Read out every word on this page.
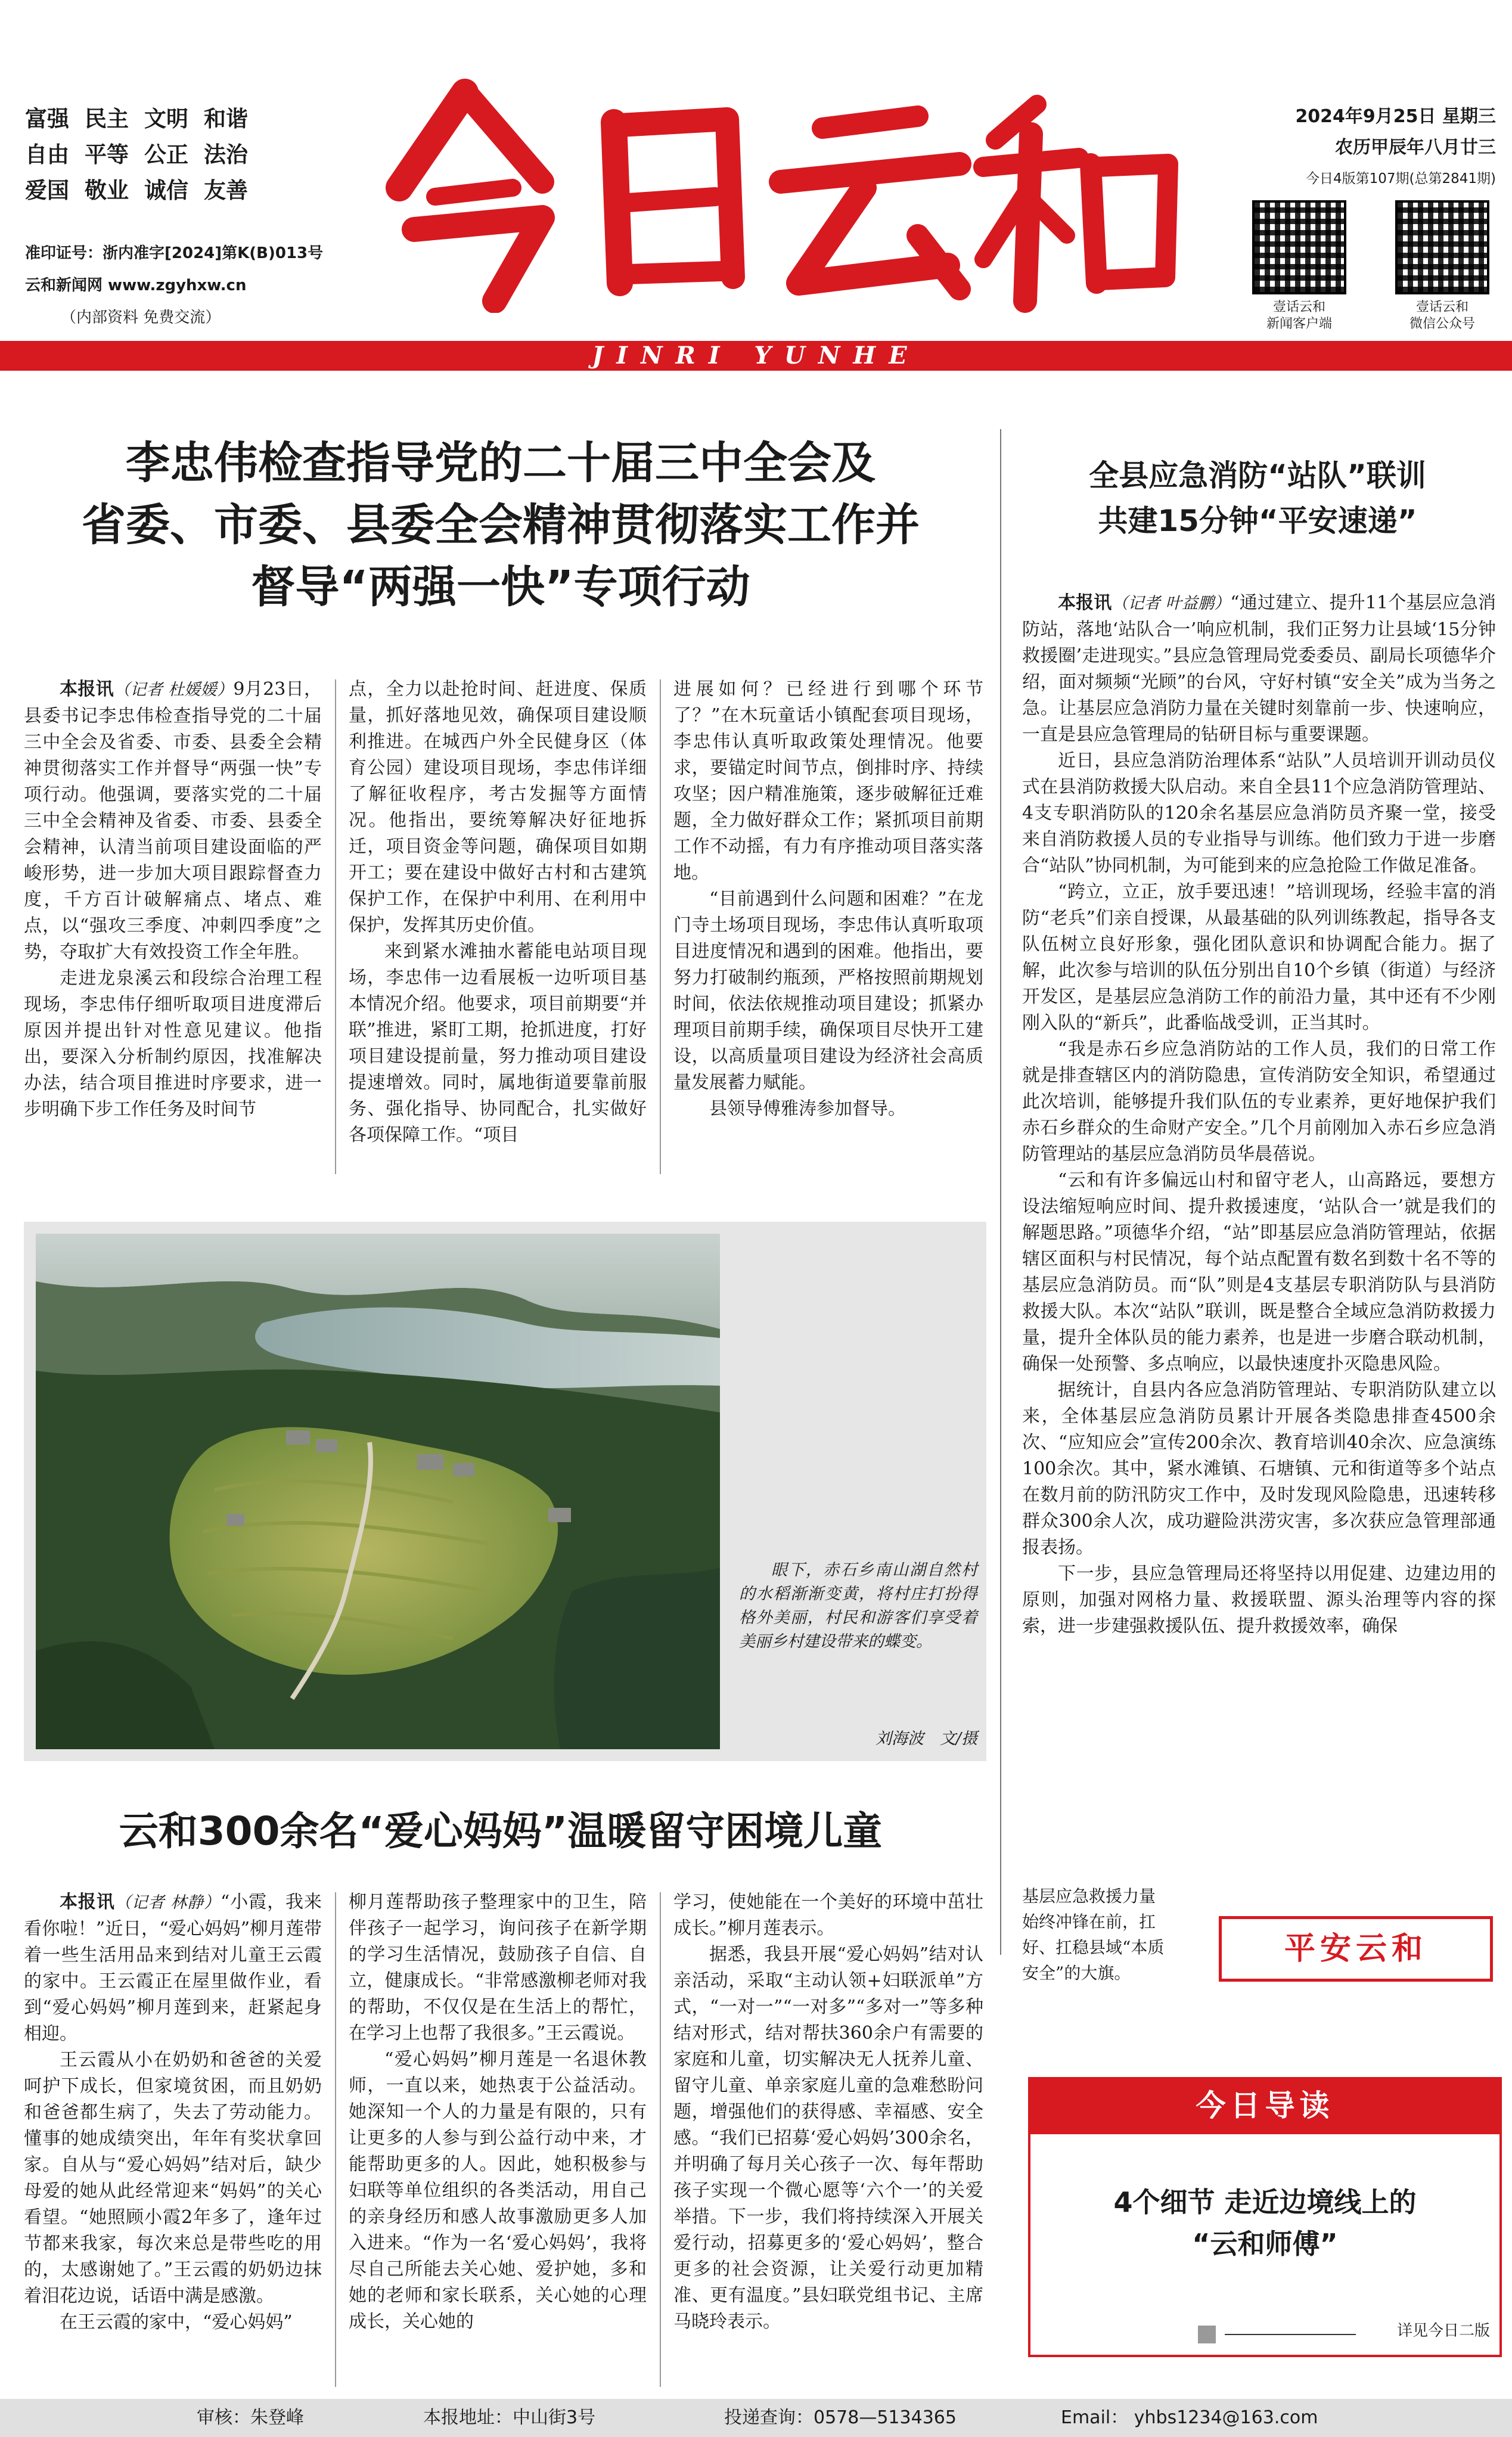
富强 民主 文明 和谐
自由 平等 公正 法治
爱国 敬业 诚信 友善
准印证号：浙内准字[2024]第K(B)013号
云和新闻网 www.zgyhxw.cn
（内部资料 免费交流）
2024年9月25日 星期三
农历甲辰年八月廿三
今日4版第107期(总第2841期)
壹话云和
新闻客户端
壹话云和
微信公众号
JINRI YUNHE
李忠伟检查指导党的二十届三中全会及
省委、市委、县委全会精神贯彻落实工作并
督导“两强一快”专项行动

本报讯（记者 杜媛媛）9月23日，县委书记李忠伟检查指导党的二十届三中全会及省委、市委、县委全会精神贯彻落实工作并督导“两强一快”专项行动。他强调，要落实党的二十届三中全会精神及省委、市委、县委全会精神，认清当前项目建设面临的严峻形势，进一步加大项目跟踪督查力度，千方百计破解痛点、堵点、难点，以“强攻三季度、冲刺四季度”之势，夺取扩大有效投资工作全年胜。

走进龙泉溪云和段综合治理工程现场，李忠伟仔细听取项目进度滞后原因并提出针对性意见建议。他指出，要深入分析制约原因，找准解决办法，结合项目推进时序要求，进一步明确下步工作任务及时间节

点，全力以赴抢时间、赶进度、保质量，抓好落地见效，确保项目建设顺利推进。在城西户外全民健身区（体育公园）建设项目现场，李忠伟详细了解征收程序，考古发掘等方面情况。他指出，要统筹解决好征地拆迁，项目资金等问题，确保项目如期开工；要在建设中做好古村和古建筑保护工作，在保护中利用、在利用中保护，发挥其历史价值。

来到紧水滩抽水蓄能电站项目现场，李忠伟一边看展板一边听项目基本情况介绍。他要求，项目前期要“并联”推进，紧盯工期，抢抓进度，打好项目建设提前量，努力推动项目建设提速增效。同时，属地街道要靠前服务、强化指导、协同配合，扎实做好各项保障工作。“项目

进展如何？已经进行到哪个环节了？”在木玩童话小镇配套项目现场，李忠伟认真听取政策处理情况。他要求，要锚定时间节点，倒排时序、持续攻坚；因户精准施策，逐步破解征迁难题，全力做好群众工作；紧抓项目前期工作不动摇，有力有序推动项目落实落地。

“目前遇到什么问题和困难？”在龙门寺土场项目现场，李忠伟认真听取项目进度情况和遇到的困难。他指出，要努力打破制约瓶颈，严格按照前期规划时间，依法依规推动项目建设；抓紧办理项目前期手续，确保项目尽快开工建设，以高质量项目建设为经济社会高质量发展蓄力赋能。

县领导傅雅涛参加督导。

眼下，赤石乡南山湖自然村的水稻渐渐变黄，将村庄打扮得格外美丽，村民和游客们享受着美丽乡村建设带来的蝶变。

刘海波　文/摄
云和300余名“爱心妈妈”温暖留守困境儿童

本报讯（记者 林静）“小霞，我来看你啦！”近日，“爱心妈妈”柳月莲带着一些生活用品来到结对儿童王云霞的家中。王云霞正在屋里做作业，看到“爱心妈妈”柳月莲到来，赶紧起身相迎。

王云霞从小在奶奶和爸爸的关爱呵护下成长，但家境贫困，而且奶奶和爸爸都生病了，失去了劳动能力。懂事的她成绩突出，年年有奖状拿回家。自从与“爱心妈妈”结对后，缺少母爱的她从此经常迎来“妈妈”的关心看望。“她照顾小霞2年多了，逢年过节都来我家，每次来总是带些吃的用的，太感谢她了。”王云霞的奶奶边抹着泪花边说，话语中满是感激。

在王云霞的家中，“爱心妈妈”

柳月莲帮助孩子整理家中的卫生，陪伴孩子一起学习，询问孩子在新学期的学习生活情况，鼓励孩子自信、自立，健康成长。“非常感激柳老师对我的帮助，不仅仅是在生活上的帮忙，在学习上也帮了我很多。”王云霞说。

“爱心妈妈”柳月莲是一名退休教师，一直以来，她热衷于公益活动。她深知一个人的力量是有限的，只有让更多的人参与到公益行动中来，才能帮助更多的人。因此，她积极参与妇联等单位组织的各类活动，用自己的亲身经历和感人故事激励更多人加入进来。“作为一名‘爱心妈妈’，我将尽自己所能去关心她、爱护她，多和她的老师和家长联系，关心她的心理成长，关心她的

学习，使她能在一个美好的环境中茁壮成长。”柳月莲表示。

据悉，我县开展“爱心妈妈”结对认亲活动，采取“主动认领+妇联派单”方式，“一对一”“一对多”“多对一”等多种结对形式，结对帮扶360余户有需要的家庭和儿童，切实解决无人抚养儿童、留守儿童、单亲家庭儿童的急难愁盼问题，增强他们的获得感、幸福感、安全感。“我们已招募‘爱心妈妈’300余名，并明确了每月关心孩子一次、每年帮助孩子实现一个微心愿等‘六个一’的关爱举措。下一步，我们将持续深入开展关爱行动，招募更多的‘爱心妈妈’，整合更多的社会资源，让关爱行动更加精准、更有温度。”县妇联党组书记、主席马晓玲表示。

全县应急消防“站队”联训
共建15分钟“平安速递”

本报讯（记者 叶益鹏）“通过建立、提升11个基层应急消防站，落地‘站队合一’响应机制，我们正努力让县域‘15分钟救援圈’走进现实。”县应急管理局党委委员、副局长项德华介绍，面对频频“光顾”的台风，守好村镇“安全关”成为当务之急。让基层应急消防力量在关键时刻靠前一步、快速响应，一直是县应急管理局的钻研目标与重要课题。

近日，县应急消防治理体系“站队”人员培训开训动员仪式在县消防救援大队启动。来自全县11个应急消防管理站、4支专职消防队的120余名基层应急消防员齐聚一堂，接受来自消防救援人员的专业指导与训练。他们致力于进一步磨合“站队”协同机制，为可能到来的应急抢险工作做足准备。

“跨立，立正，放手要迅速！”培训现场，经验丰富的消防“老兵”们亲自授课，从最基础的队列训练教起，指导各支队伍树立良好形象，强化团队意识和协调配合能力。据了解，此次参与培训的队伍分别出自10个乡镇（街道）与经济开发区，是基层应急消防工作的前沿力量，其中还有不少刚刚入队的“新兵”，此番临战受训，正当其时。

“我是赤石乡应急消防站的工作人员，我们的日常工作就是排查辖区内的消防隐患，宣传消防安全知识，希望通过此次培训，能够提升我们队伍的专业素养，更好地保护我们赤石乡群众的生命财产安全。”几个月前刚加入赤石乡应急消防管理站的基层应急消防员华晨蓓说。

“云和有许多偏远山村和留守老人，山高路远，要想方设法缩短响应时间、提升救援速度，‘站队合一’就是我们的解题思路。”项德华介绍，“站”即基层应急消防管理站，依据辖区面积与村民情况，每个站点配置有数名到数十名不等的基层应急消防员。而“队”则是4支基层专职消防队与县消防救援大队。本次“站队”联训，既是整合全域应急消防救援力量，提升全体队员的能力素养，也是进一步磨合联动机制，确保一处预警、多点响应，以最快速度扑灭隐患风险。

据统计，自县内各应急消防管理站、专职消防队建立以来，全体基层应急消防员累计开展各类隐患排查4500余次、“应知应会”宣传200余次、教育培训40余次、应急演练100余次。其中，紧水滩镇、石塘镇、元和街道等多个站点在数月前的防汛防灾工作中，及时发现风险隐患，迅速转移群众300余人次，成功避险洪涝灾害，多次获应急管理部通报表扬。

下一步，县应急管理局还将坚持以用促建、边建边用的原则，加强对网格力量、救援联盟、源头治理等内容的探索，进一步建强救援队伍、提升救援效率，确保

基层应急救援力量
始终冲锋在前，扛
好、扛稳县域“本质
安全”的大旗。
平安云和
今日导读
4个细节 走近边境线上的
“云和师傅”
详见今日二版
审核：朱登峰	本报地址：中山街3号	投递查询：0578—5134365	Email： yhbs1234@163.com
